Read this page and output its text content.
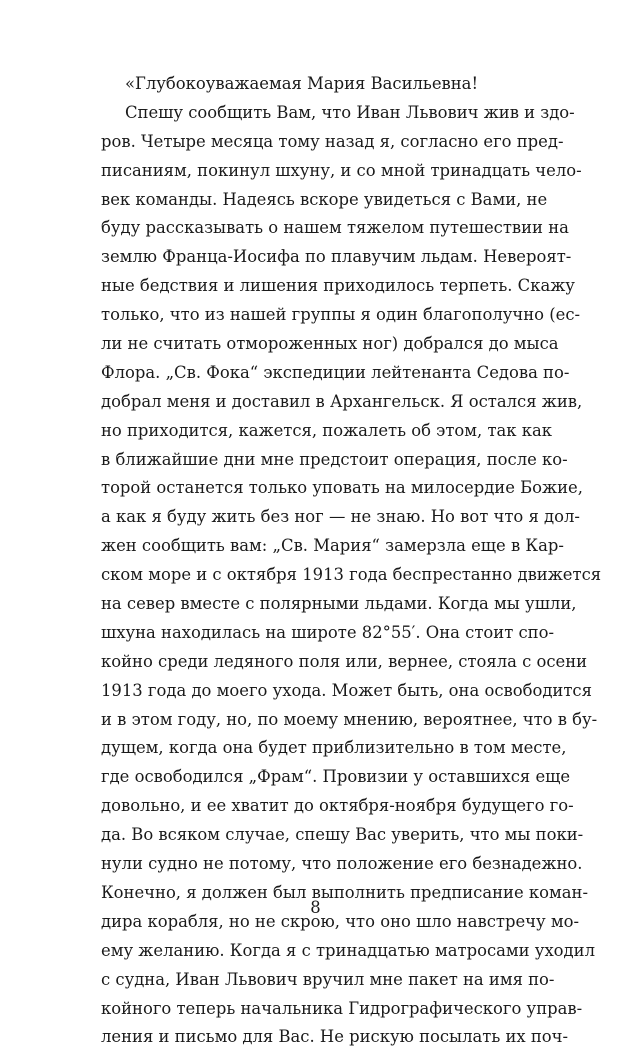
«Глубокоуважаемая Мария Васильевна!
Спешу сообщить Вам, что Иван Львович жив и здо-
ров. Четыре месяца тому назад я, согласно его пред-
писаниям, покинул шхуну, и со мной тринадцать чело-
век команды. Надеясь вскоре увидеться с Вами, не
буду рассказывать о нашем тяжелом путешествии на
землю Франца-Иосифа по плавучим льдам. Невероят-
ные бедствия и лишения приходилось терпеть. Скажу
только, что из нашей группы я один благополучно (ес-
ли не считать отмороженных ног) добрался до мыса
Флора. „Св. Фока“ экспедиции лейтенанта Седова по-
добрал меня и доставил в Архангельск. Я остался жив,
но приходится, кажется, пожалеть об этом, так как
в ближайшие дни мне предстоит операция, после ко-
торой останется только уповать на милосердие Божие,
а как я буду жить без ног — не знаю. Но вот что я дол-
жен сообщить вам: „Св. Мария“ замерзла еще в Кар-
ском море и с октября 1913 года беспрестанно движется
на север вместе с полярными льдами. Когда мы ушли,
шхуна находилась на широте 82°55′. Она стоит спо-
койно среди ледяного поля или, вернее, стояла с осени
1913 года до моего ухода. Может быть, она освободится
и в этом году, но, по моему мнению, вероятнее, что в бу-
дущем, когда она будет приблизительно в том месте,
где освободился „Фрам“. Провизии у оставшихся еще
довольно, и ее хватит до октября-ноября будущего го-
да. Во всяком случае, спешу Вас уверить, что мы поки-
нули судно не потому, что положение его безнадежно.
Конечно, я должен был выполнить предписание коман-
дира корабля, но не скрою, что оно шло навстречу мо-
ему желанию. Когда я с тринадцатью матросами уходил
с судна, Иван Львович вручил мне пакет на имя по-
койного теперь начальника Гидрографического управ-
ления и письмо для Вас. Не рискую посылать их поч-
8
